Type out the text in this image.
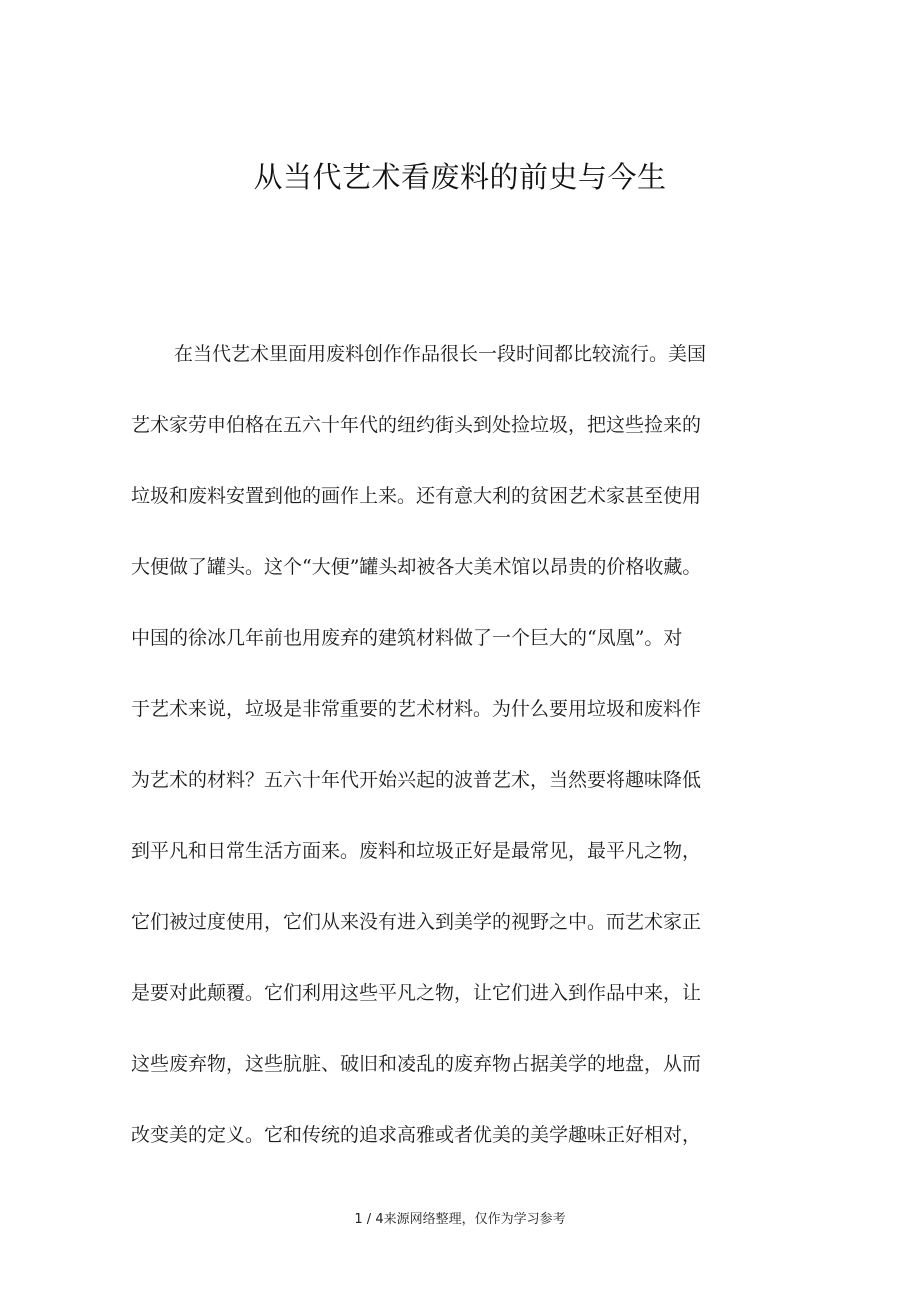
从当代艺术看废料的前史与今生
在当代艺术里面用废料创作作品很长一段时间都比较流行。美国
艺术家劳申伯格在五六十年代的纽约街头到处捡垃圾，把这些捡来的
垃圾和废料安置到他的画作上来。还有意大利的贫困艺术家甚至使用
大便做了罐头。这个“大便”罐头却被各大美术馆以昂贵的价格收藏。
中国的徐冰几年前也用废弃的建筑材料做了一个巨大的“凤凰”。对
于艺术来说，垃圾是非常重要的艺术材料。为什么要用垃圾和废料作
为艺术的材料？五六十年代开始兴起的波普艺术，当然要将趣味降低
到平凡和日常生活方面来。废料和垃圾正好是最常见，最平凡之物，
它们被过度使用，它们从来没有进入到美学的视野之中。而艺术家正
是要对此颠覆。它们利用这些平凡之物，让它们进入到作品中来，让
这些废弃物，这些肮脏、破旧和凌乱的废弃物占据美学的地盘，从而
改变美的定义。它和传统的追求高雅或者优美的美学趣味正好相对，
1 / 4来源网络整理，仅作为学习参考
